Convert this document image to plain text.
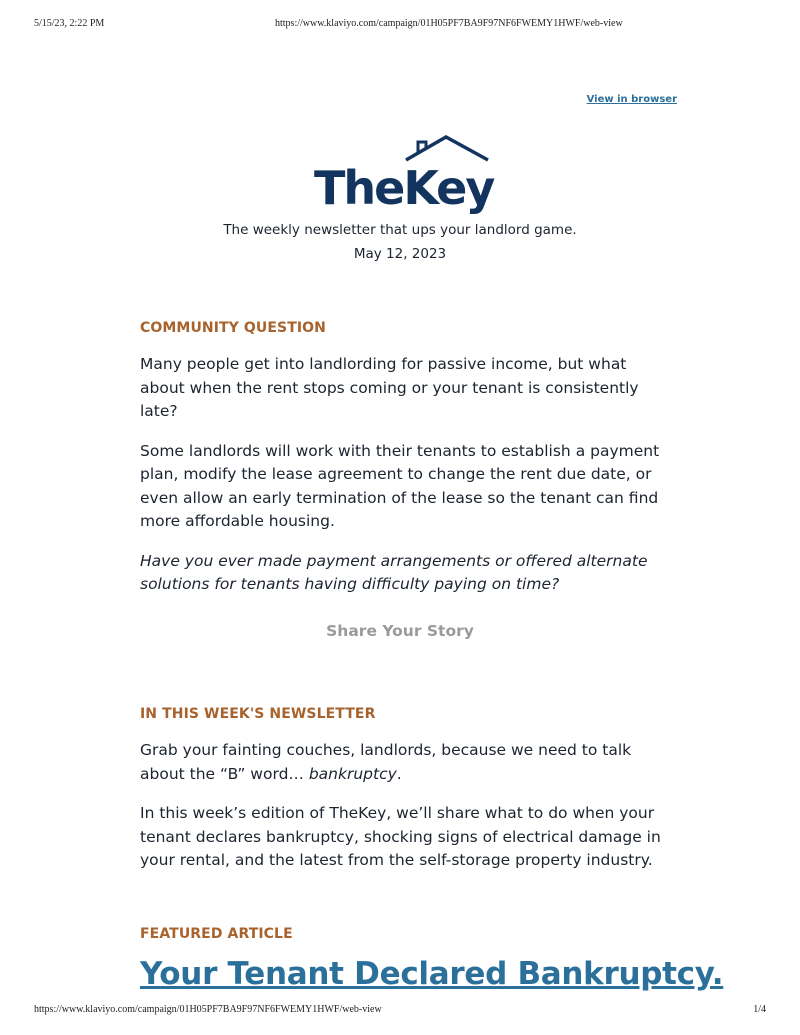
5/15/23, 2:22 PM	https://www.klaviyo.com/campaign/01H05PF7BA9F97NF6FWEMY1HWF/web-view
View in browser
TheKey
The weekly newsletter that ups your landlord game.
May 12, 2023
COMMUNITY QUESTION

Many people get into landlording for passive income, but what about when the rent stops coming or your tenant is consistently late?

Some landlords will work with their tenants to establish a payment plan, modify the lease agreement to change the rent due date, or even allow an early termination of the lease so the tenant can find more affordable housing.

Have you ever made payment arrangements or offered alternate solutions for tenants having difficulty paying on time?

Share Your Story
IN THIS WEEK'S NEWSLETTER

Grab your fainting couches, landlords, because we need to talk about the “B” word… bankruptcy.

In this week’s edition of TheKey, we’ll share what to do when your tenant declares bankruptcy, shocking signs of electrical damage in your rental, and the latest from the self-storage property industry.

FEATURED ARTICLE
Your Tenant Declared Bankruptcy.
https://www.klaviyo.com/campaign/01H05PF7BA9F97NF6FWEMY1HWF/web-view	1/4
